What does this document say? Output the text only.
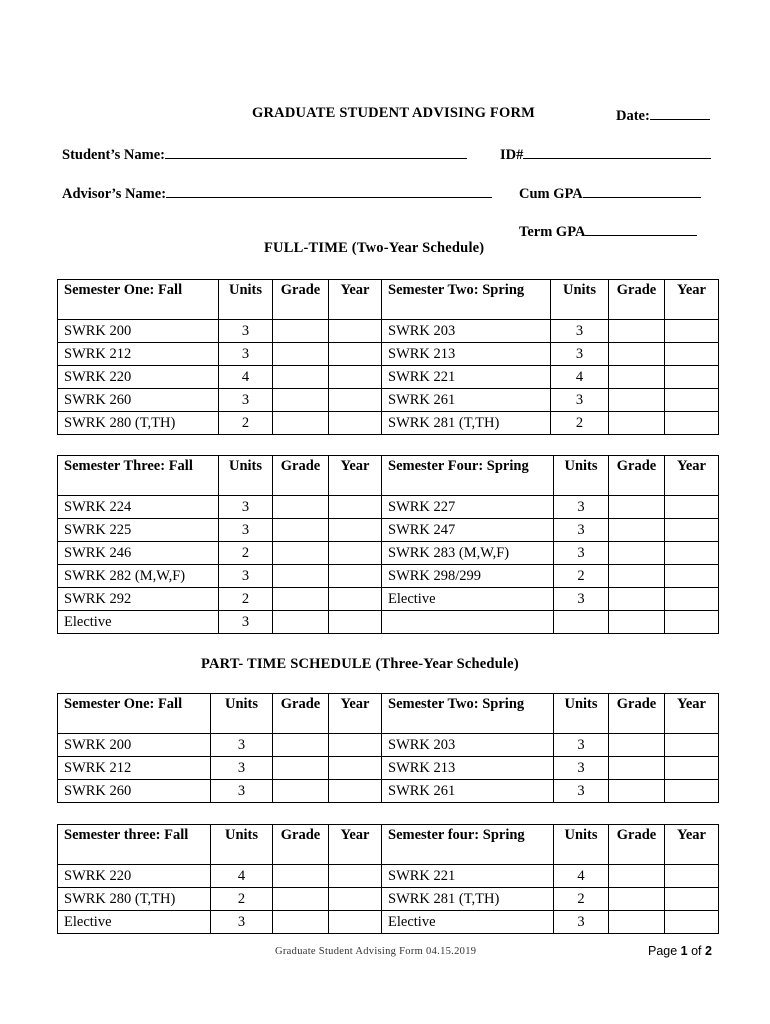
GRADUATE STUDENT ADVISING FORM	Date:
Student’s Name:	ID#
Advisor’s Name:	Cum GPA
Term GPA
FULL-TIME (Two-Year Schedule)
Semester One: Fall	Units	Grade	Year	Semester Two: Spring	Units	Grade	Year
SWRK 200	3			SWRK 203	3		
SWRK 212	3			SWRK 213	3		
SWRK 220	4			SWRK 221	4		
SWRK 260	3			SWRK 261	3		
SWRK 280 (T,TH)	2			SWRK 281 (T,TH)	2		
Semester Three: Fall	Units	Grade	Year	Semester Four: Spring	Units	Grade	Year
SWRK 224	3			SWRK 227	3		
SWRK 225	3			SWRK 247	3		
SWRK 246	2			SWRK 283 (M,W,F)	3		
SWRK 282 (M,W,F)	3			SWRK 298/299	2		
SWRK 292	2			Elective	3		
Elective	3						
PART- TIME SCHEDULE (Three-Year Schedule)
Semester One: Fall	Units	Grade	Year	Semester Two: Spring	Units	Grade	Year
SWRK 200	3			SWRK 203	3		
SWRK 212	3			SWRK 213	3		
SWRK 260	3			SWRK 261	3		
Semester three: Fall	Units	Grade	Year	Semester four: Spring	Units	Grade	Year
SWRK 220	4			SWRK 221	4		
SWRK 280 (T,TH)	2			SWRK 281 (T,TH)	2		
Elective	3			Elective	3		
Graduate Student Advising Form 04.15.2019	Page 1 of 2
